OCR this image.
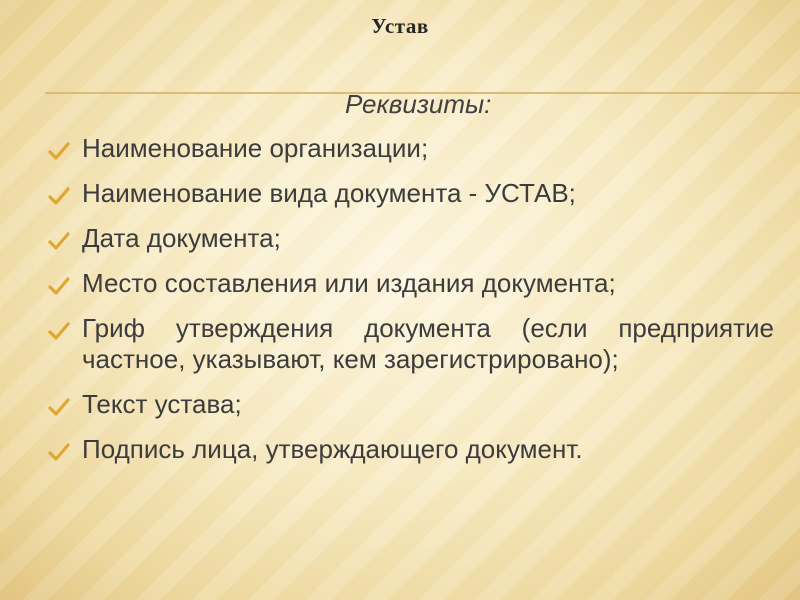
Устав
Реквизиты:
Наименование организации;
Наименование вида документа - УСТАВ;
Дата документа;
Место составления или издания документа;
Гриф утверждения документа (если предприятие частное, указывают, кем зарегистрировано);
Текст устава;
Подпись лица, утверждающего документ.
